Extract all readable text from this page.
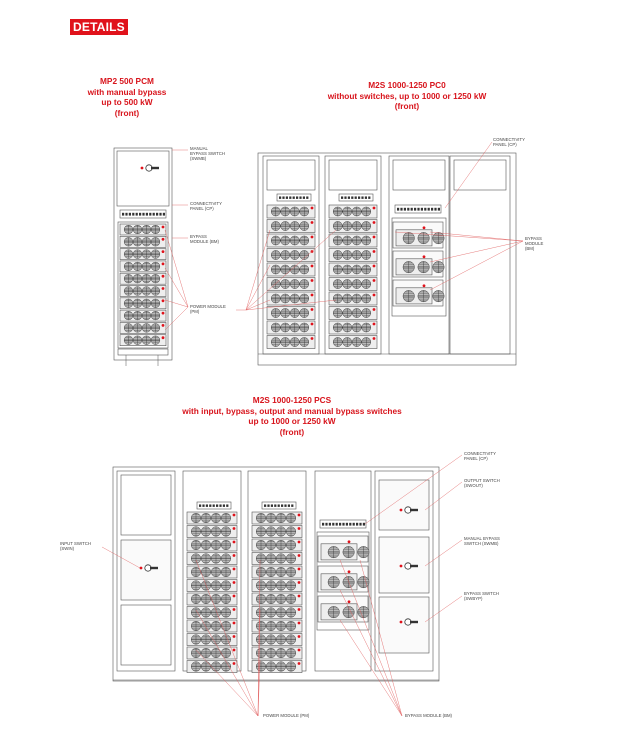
DETAILS
MP2 500 PCM
with manual bypass
up to 500 kW
(front)
M2S 1000-1250 PC0
without switches, up to 1000 or 1250 kW
(front)
M2S 1000-1250 PCS
with input, bypass, output and manual bypass switches
up to 1000 or 1250 kW
(front)
MANUAL
BYPASS SWITCH
(SWMB)
CONNECTIVITY
PANEL (CP)
BYPASS
MODULE (BM)
POWER MODULE
(PM)
CONNECTIVITY
PANEL (CP)
BYPASS
MODULE
(BM)
CONNECTIVITY
PANEL (CP)
OUTPUT SWITCH
(SWOUT)
MANUAL BYPASS
SWITCH (SWMB)
BYPASS SWITCH
(SWBYP)
INPUT SWITCH
(SWIN)
POWER MODULE (PM)	BYPASS MODULE (BM)
